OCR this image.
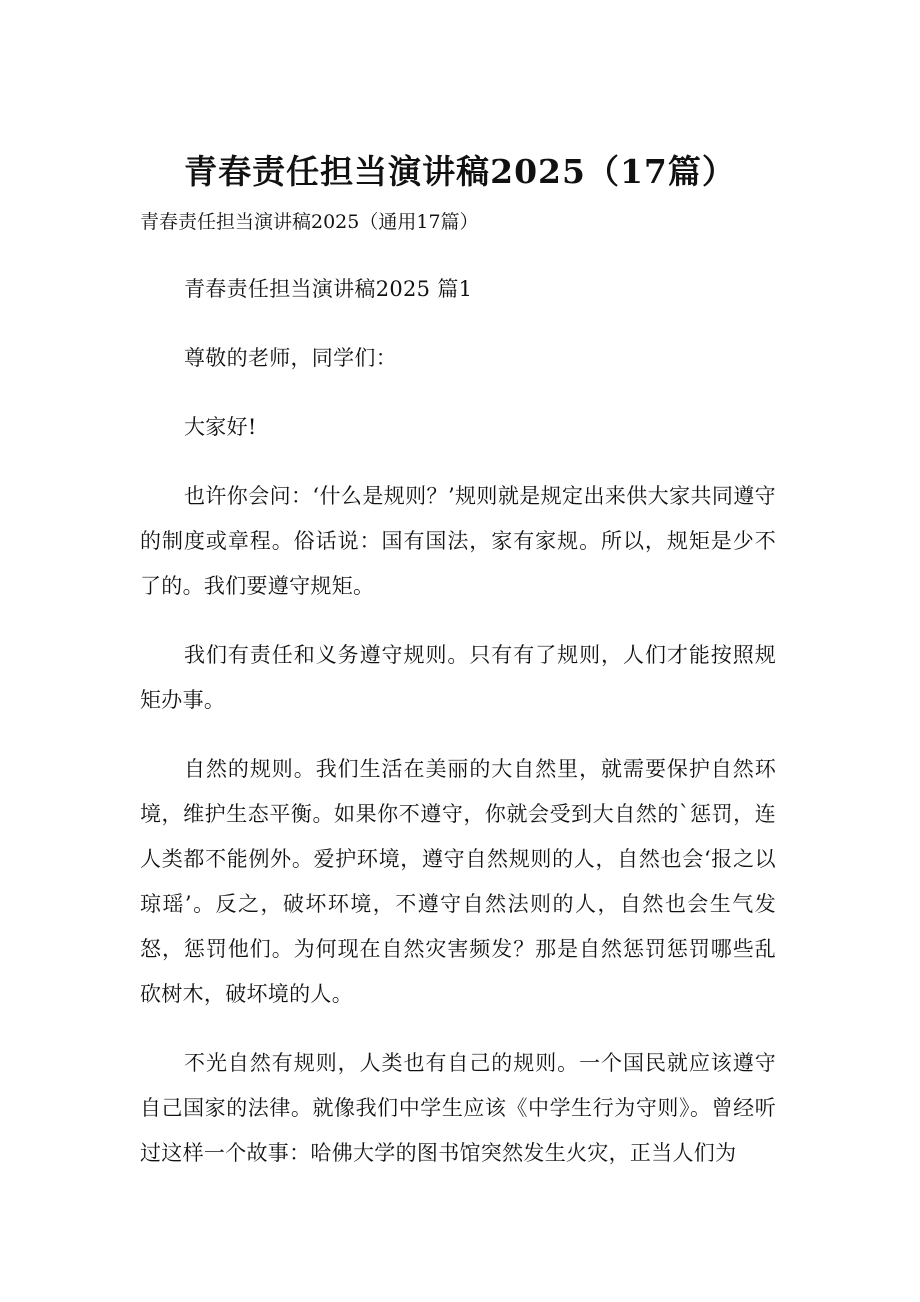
青春责任担当演讲稿2025（17篇）
青春责任担当演讲稿2025（通用17篇）

青春责任担当演讲稿2025 篇1

尊敬的老师，同学们：

大家好!

也许你会问：‘什么是规则？’规则就是规定出来供大家共同遵守的制度或章程。俗话说：国有国法，家有家规。所以，规矩是少不了的。我们要遵守规矩。

我们有责任和义务遵守规则。只有有了规则，人们才能按照规矩办事。

自然的规则。我们生活在美丽的大自然里，就需要保护自然环境，维护生态平衡。如果你不遵守，你就会受到大自然的`惩罚，连人类都不能例外。爱护环境，遵守自然规则的人，自然也会‘报之以琼瑶’。反之，破坏环境，不遵守自然法则的人，自然也会生气发怒，惩罚他们。为何现在自然灾害频发？那是自然惩罚惩罚哪些乱砍树木，破坏境的人。

不光自然有规则，人类也有自己的规则。一个国民就应该遵守自己国家的法律。就像我们中学生应该《中学生行为守则》。曾经听过这样一个故事：哈佛大学的图书馆突然发生火灾，正当人们为
